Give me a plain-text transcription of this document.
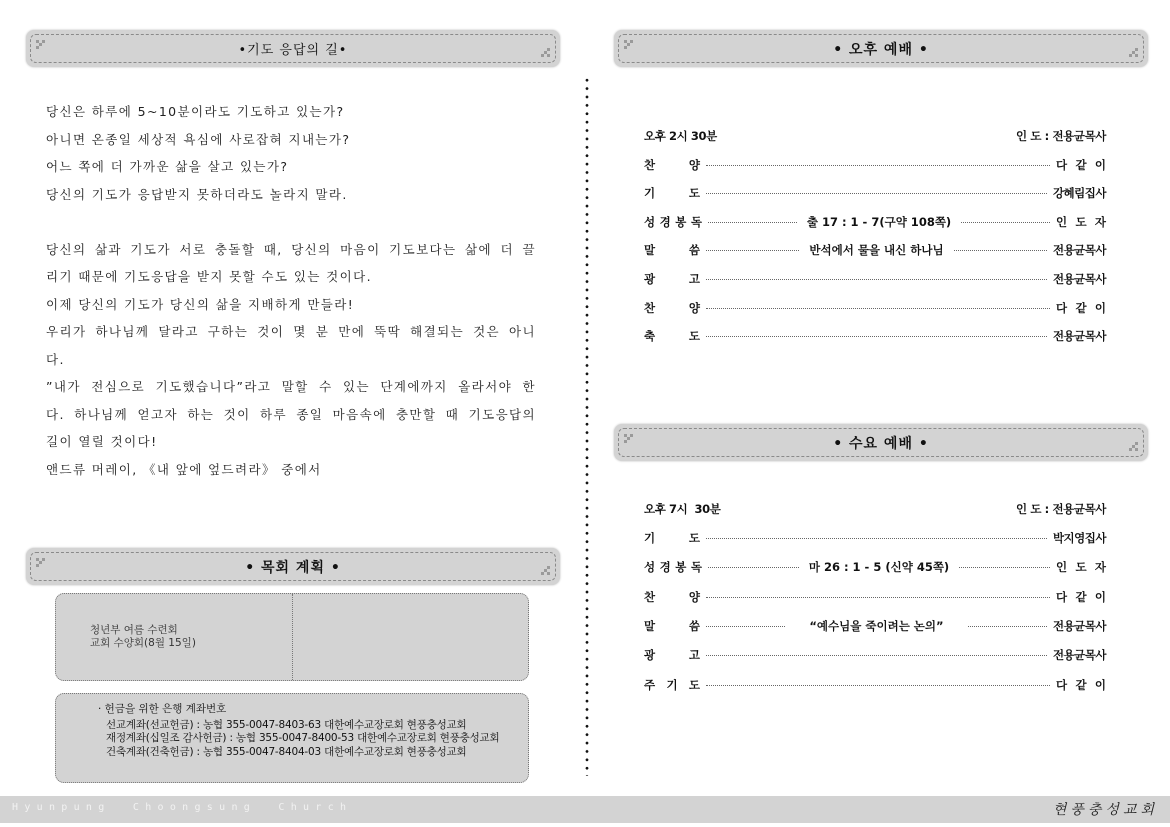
•기도 응답의 길•

당신은 하루에 5~10분이라도 기도하고 있는가?

아니면 온종일 세상적 욕심에 사로잡혀 지내는가?

어느 쪽에 더 가까운 삶을 살고 있는가?

당신의 기도가 응답받지 못하더라도 놀라지 말라.

당신의 삶과 기도가 서로 충돌할 때, 당신의 마음이 기도보다는 삶에 더 끌

리기 때문에 기도응답을 받지 못할 수도 있는 것이다.

이제 당신의 기도가 당신의 삶을 지배하게 만들라!

우리가 하나님께 달라고 구하는 것이 몇 분 만에 뚝딱 해결되는 것은 아니

다.

”내가 전심으로 기도했습니다”라고 말할 수 있는 단계에까지 올라서야 한

다. 하나님께 얻고자 하는 것이 하루 종일 마음속에 충만할 때 기도응답의

길이 열릴 것이다!

앤드류 머레이, 《내 앞에 엎드려라》 중에서

• 목회 계획 •
청년부 여름 수련회
교회 수양회(8월 15일)
· 헌금을 위한 은행 계좌번호
선교계좌(선교헌금) : 농협 355-0047-8403-63 대한예수교장로회 현풍충성교회
재정계좌(십일조 감사헌금) : 농협 355-0047-8400-53 대한예수교장로회 현풍충성교회
건축계좌(건축헌금) : 농협 355-0047-8404-03 대한예수교장로회 현풍충성교회
• 오후 예배 •
오후 2시 30분	인 도 : 전용균목사
찬	양	다 같 이
기	도	강혜림집사
성 경 봉 독	출 17 : 1 - 7(구약 108쪽)	인 도 자
말	씀	반석에서 물을 내신 하나님	전용균목사
광	고	전용균목사
찬	양	다 같 이
축	도	전용균목사
• 수요 예배 •
오후 7시  30분	인 도 : 전용균목사
기	도	박지영집사
성 경 봉 독	마 26 : 1 - 5 (신약 45쪽)	인 도 자
찬	양	다 같 이
말	씀	“예수님을 죽이려는 논의”	전용균목사
광	고	전용균목사
주 기 도	다 같 이
Hyunpung Choongsung Church	현풍충성교회
